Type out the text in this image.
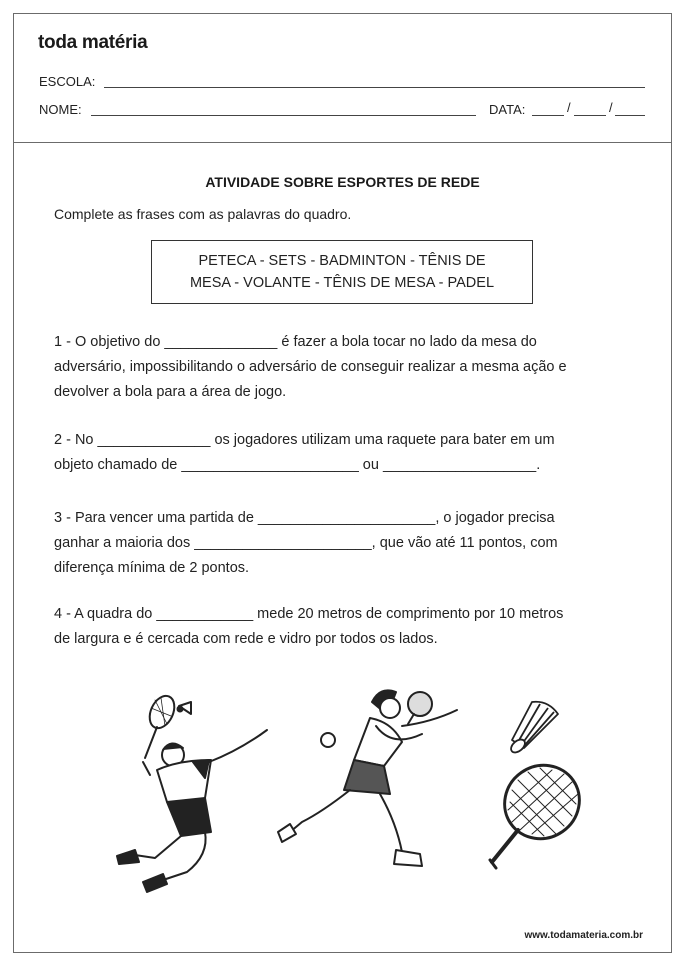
toda matéria
ESCOLA:
NOME:	DATA:	/	/
ATIVIDADE SOBRE ESPORTES DE REDE
Complete as frases com as palavras do quadro.
PETECA - SETS - BADMINTON - TÊNIS DE
MESA - VOLANTE - TÊNIS DE MESA - PADEL
1 - O objetivo do ______________ é fazer a bola tocar no lado da mesa do
adversário, impossibilitando o adversário de conseguir realizar a mesma ação e
devolver a bola para a área de jogo.
2 - No ______________ os jogadores utilizam uma raquete para bater em um
objeto chamado de ______________________ ou ___________________.
3 - Para vencer uma partida de ______________________, o jogador precisa
ganhar a maioria dos ______________________, que vão até 11 pontos, com
diferença mínima de 2 pontos.
4 - A quadra do ____________ mede 20 metros de comprimento por 10 metros
de largura e é cercada com rede e vidro por todos os lados.
www.todamateria.com.br
